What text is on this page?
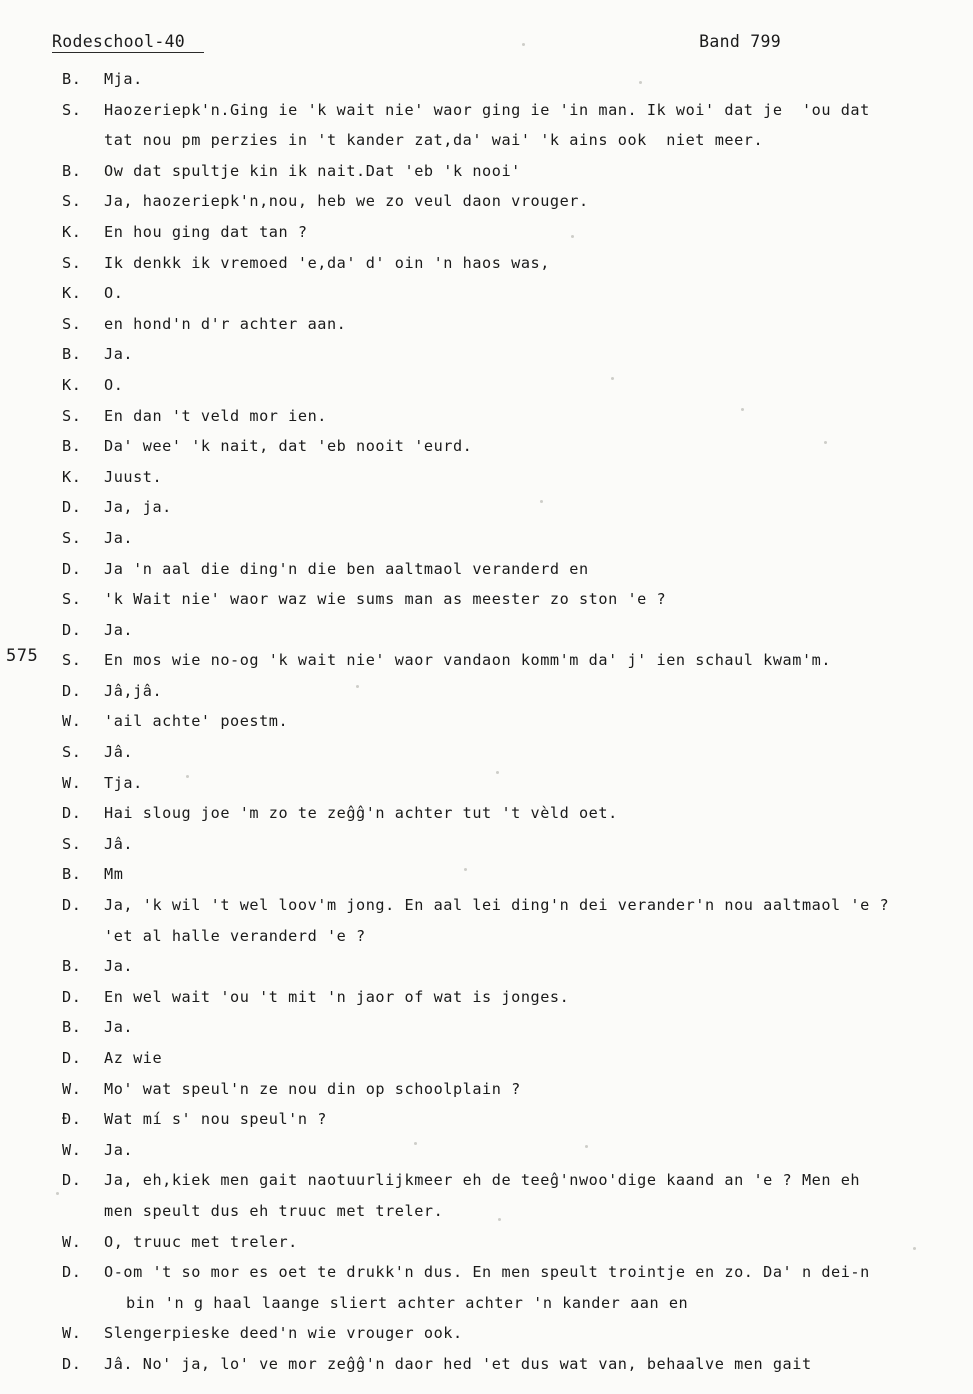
Rodeschool-40	Band 799
575
B.	Mja.
S.	Haozeriepk'n.Ging ie 'k wait nie' waor ging ie 'in man. Ik woi' dat je  'ou dat
tat nou pm perzies in 't kander zat,da' wai' 'k ains ook  niet meer.
B.	Ow dat spultje kin ik nait.Dat 'eb 'k nooi'
S.	Ja, haozeriepk'n,nou, heb we zo veul daon vrouger.
K.	En hou ging dat tan ?
S.	Ik denkk ik vremoed 'e,da' d' oin 'n haos was,
K.	O.
S.	en hond'n d'r achter aan.
B.	Ja.
K.	O.
S.	En dan 't veld mor ien.
B.	Da' wee' 'k nait, dat 'eb nooit 'eurd.
K.	Juust.
D.	Ja, ja.
S.	Ja.
D.	Ja 'n aal die ding'n die ben aaltmaol veranderd en
S.	'k Wait nie' waor waz wie sums man as meester zo ston 'e ?
D.	Ja.
S.	En mos wie no-og 'k wait nie' waor vandaon komm'm da' j' ien schaul kwam'm.
D.	Jâ,jâ.
W.	'ail achte' poestm.
S.	Jâ.
W.	Tja.
D.	Hai sloug joe 'm zo te zeĝĝ'n achter tut 't vèld oet.
S.	Jâ.
B.	Mm
D.	Ja, 'k wil 't wel loov'm jong. En aal lei ding'n dei verander'n nou aaltmaol 'e ?
'et al halle veranderd 'e ?
B.	Ja.
D.	En wel wait 'ou 't mit 'n jaor of wat is jonges.
B.	Ja.
D.	Az wie
W.	Mo' wat speul'n ze nou din op schoolplain ?
Ɖ.	Wat mí s' nou speul'n ?
W.	Ja.
D.	Ja, eh,kiek men gait naotuurlijkmeer eh de teeĝ'nwoo'dige kaand an 'e ? Men eh
men speult dus eh truuc met treler.
W.	O, truuc met treler.
D.	O-om 't so mor es oet te drukk'n dus. En men speult trointje en zo. Da' n dei-n
bin 'n g haal laange sliert achter achter 'n kander aan en
W.	Slengerpieske deed'n wie vrouger ook.
D.	Jâ. No' ja, lo' ve mor zeĝĝ'n daor hed 'et dus wat van, behaalve men gait
